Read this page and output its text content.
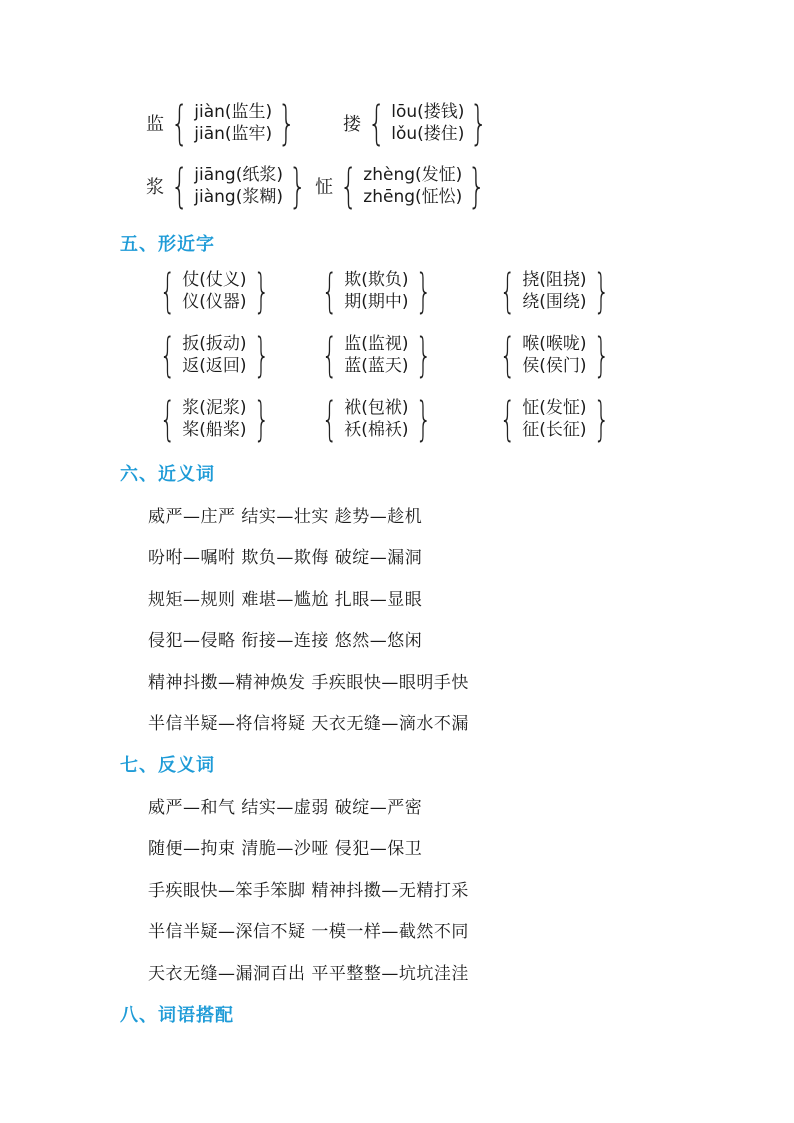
监 { jiàn(监生)
jiān(监牢) }	搂 { lōu(搂钱)
lǒu(搂住) }
浆 { jiāng(纸浆)
jiàng(浆糊) } 怔 { zhèng(发怔)
zhēng(怔忪) }
五、形近字
{ 仗(仗义)
仪(仪器) } { 欺(欺负)
期(期中) } { 挠(阻挠)
绕(围绕) }
{ 扳(扳动)
返(返回) } { 监(监视)
蓝(蓝天) } { 喉(喉咙)
侯(侯门) }
{ 浆(泥浆)
桨(船桨) } { 袱(包袱)
袄(棉袄) } { 怔(发怔)
征(长征) }
六、近义词
威严—庄严 结实—壮实 趁势—趁机
吩咐—嘱咐 欺负—欺侮 破绽—漏洞
规矩—规则 难堪—尴尬 扎眼—显眼
侵犯—侵略 衔接—连接 悠然—悠闲
精神抖擞—精神焕发 手疾眼快—眼明手快
半信半疑—将信将疑 天衣无缝—滴水不漏
七、反义词
威严—和气 结实—虚弱 破绽—严密
随便—拘束 清脆—沙哑 侵犯—保卫
手疾眼快—笨手笨脚 精神抖擞—无精打采
半信半疑—深信不疑 一模一样—截然不同
天衣无缝—漏洞百出 平平整整—坑坑洼洼
八、词语搭配
